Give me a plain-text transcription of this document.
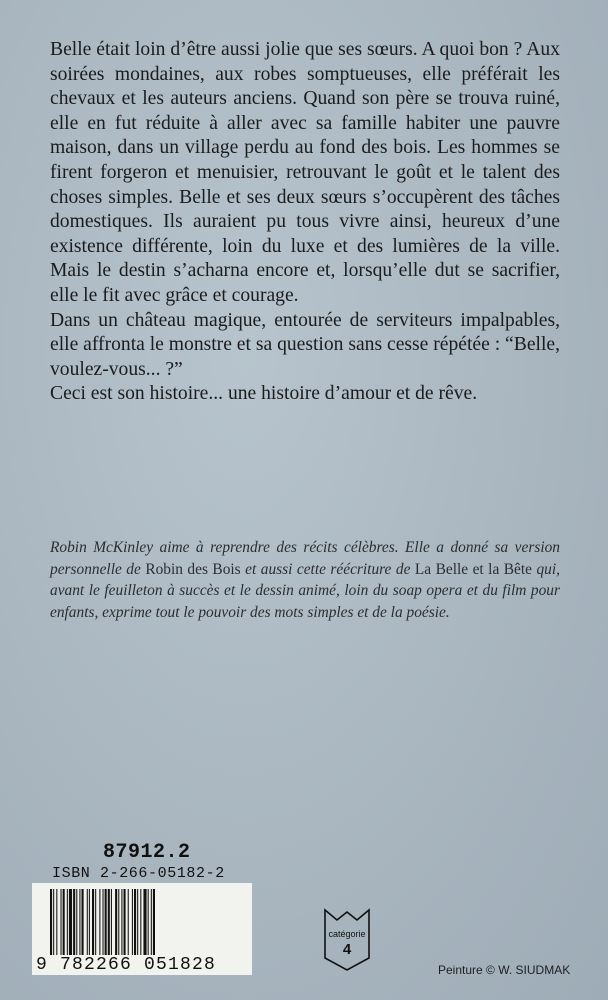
Belle était loin d’être aussi jolie que ses sœurs. A quoi bon ? Aux soirées mondaines, aux robes somptueuses, elle préférait les chevaux et les auteurs anciens. Quand son père se trouva ruiné, elle en fut réduite à aller avec sa famille habiter une pauvre maison, dans un village perdu au fond des bois. Les hommes se firent forgeron et menuisier, retrouvant le goût et le talent des choses simples. Belle et ses deux sœurs s’occupèrent des tâches domestiques. Ils auraient pu tous vivre ainsi, heureux d’une existence différente, loin du luxe et des lumières de la ville. Mais le destin s’acharna encore et, lorsqu’elle dut se sacrifier, elle le fit avec grâce et courage.

Dans un château magique, entourée de serviteurs impalpables, elle affronta le monstre et sa question sans cesse répétée : “Belle, voulez-vous... ?”

Ceci est son histoire... une histoire d’amour et de rêve.

Robin McKinley aime à reprendre des récits célèbres. Elle a donné sa version personnelle de Robin des Bois et aussi cette réécriture de La Belle et la Bête qui, avant le feuilleton à succès et le dessin animé, loin du soap opera et du film pour enfants, exprime tout le pouvoir des mots simples et de la poésie.
87912.2
ISBN 2-266-05182-2
9 782266 051828
catégorie
4
Peinture © W. SIUDMAK
